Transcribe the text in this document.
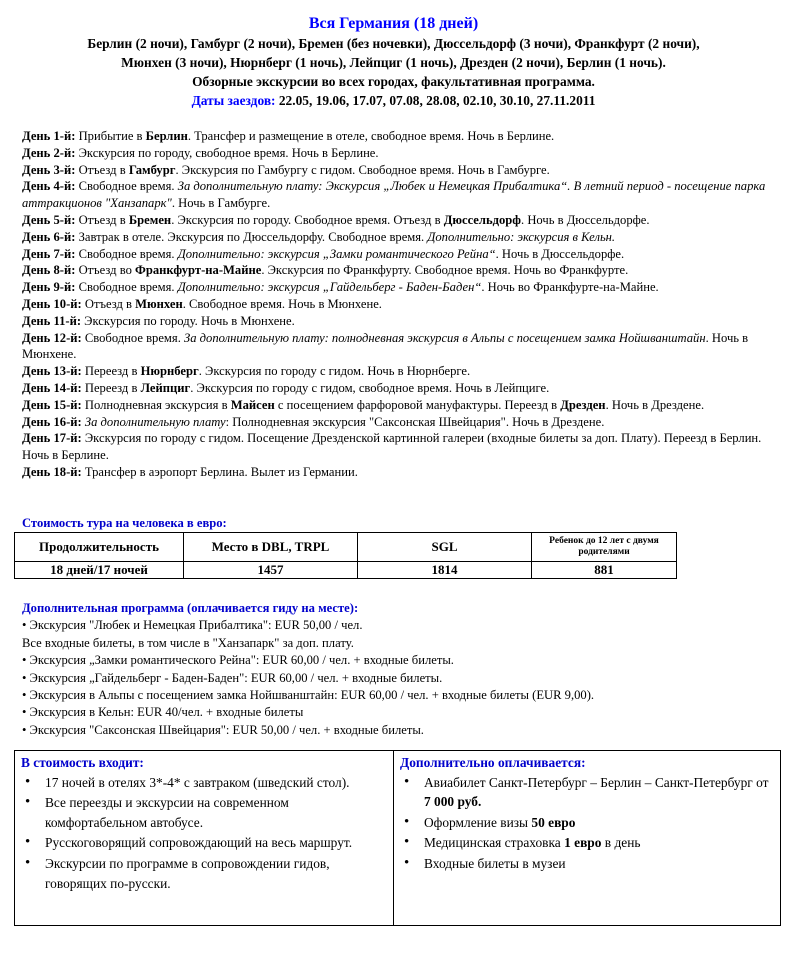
Вся Германия (18 дней)
Берлин (2 ночи), Гамбург (2 ночи), Бремен (без ночевки), Дюссельдорф (3 ночи), Франкфурт (2 ночи),
Мюнхен (3 ночи), Нюрнберг (1 ночь), Лейпциг (1 ночь), Дрезден (2 ночи), Берлин (1 ночь).
Обзорные экскурсии во всех городах, факультативная программа.
Даты заездов: 22.05, 19.06, 17.07, 07.08, 28.08, 02.10, 30.10, 27.11.2011

День 1-й: Прибытие в Берлин. Трансфер и размещение в отеле, свободное время. Ночь в Берлине.

День 2-й: Экскурсия по городу, свободное время. Ночь в Берлине.

День 3-й: Отъезд в Гамбург. Экскурсия по Гамбургу с гидом. Свободное время. Ночь в Гамбурге.

День 4-й: Свободное время. За дополнительную плату: Экскурсия „Любек и Немецкая Прибалтика“. В летний период - посещение парка аттракционов "Ханзапарк". Ночь в Гамбурге.

День 5-й: Отъезд в Бремен. Экскурсия по городу. Свободное время. Отъезд в Дюссельдорф. Ночь в Дюссельдорфе.

День 6-й: Завтрак в отеле. Экскурсия по Дюссельдорфу. Свободное время. Дополнительно: экскурсия в Кельн.

День 7-й: Свободное время. Дополнительно: экскурсия „Замки романтического Рейна“. Ночь в Дюссельдорфе.

День 8-й: Отъезд во Франкфурт-на-Майне. Экскурсия по Франкфурту. Свободное время. Ночь во Франкфурте.

День 9-й: Свободное время. Дополнительно: экскурсия „Гайдельберг - Баден-Баден“. Ночь во Франкфурте-на-Майне.

День 10-й: Отъезд в Мюнхен. Свободное время. Ночь в Мюнхене.

День 11-й: Экскурсия по городу. Ночь в Мюнхене.

День 12-й: Свободное время. За дополнительную плату: полнодневная экскурсия в Альпы с посещением замка Нойшванштайн. Ночь в Мюнхене.

День 13-й: Переезд в Нюрнберг. Экскурсия по городу с гидом. Ночь в Нюрнберге.

День 14-й: Переезд в Лейпциг. Экскурсия по городу с гидом, свободное время. Ночь в Лейпциге.

День 15-й: Полнодневная экскурсия в Майсен с посещением фарфоровой мануфактуры. Переезд в Дрезден. Ночь в Дрездене.

День 16-й: За дополнительную плату: Полнодневная экскурсия "Саксонская Швейцария". Ночь в Дрездене.

День 17-й: Экскурсия по городу с гидом. Посещение Дрезденской картинной галереи (входные билеты за доп. Плату). Переезд в Берлин. Ночь в Берлине.

День 18-й: Трансфер в аэропорт Берлина. Вылет из Германии.

Стоимость тура на человека в евро:
Продолжительность	Место в DBL, TRPL	SGL	Ребенок до 12 лет с двумя родителями
18 дней/17 ночей	1457	1814	881
Дополнительная программа (оплачивается гиду на месте):
• Экскурсия "Любек и Немецкая Прибалтика": EUR 50,00 / чел.
Все входные билеты, в том числе в "Ханзапарк" за доп. плату.
• Экскурсия „Замки романтического Рейна": EUR 60,00 / чел. + входные билеты.
• Экскурсия „Гайдельберг - Баден-Баден": EUR 60,00 / чел. + входные билеты.
• Экскурсия в Альпы с посещением замка Нойшванштайн: EUR 60,00 / чел. + входные билеты (EUR 9,00).
• Экскурсия в Кельн: EUR 40/чел. + входные билеты
• Экскурсия "Саксонская Швейцария": EUR 50,00 / чел. + входные билеты.
В стоимость входит:
• 17 ночей в отелях 3*-4* с завтраком (шведский стол).
• Все переезды и экскурсии на современном комфортабельном автобусе.
• Русскоговорящий сопровождающий на весь маршрут.
• Экскурсии по программе в сопровождении гидов, говорящих по-русски.

Дополнительно оплачивается:
• Авиабилет Санкт-Петербург – Берлин – Санкт-Петербург от 7 000 руб.
• Оформление визы 50 евро
• Медицинская страховка 1 евро в день
• Входные билеты в музеи
